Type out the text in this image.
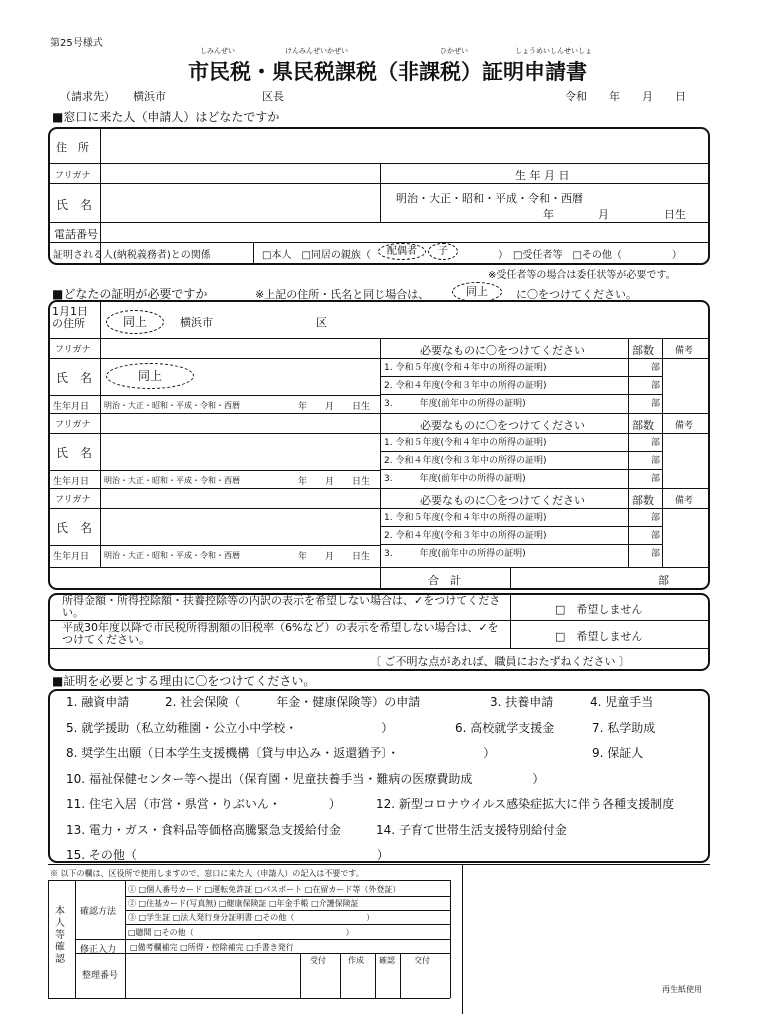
第25号様式
市民税・県民税課税（非課税）証明申請書
しみんぜい	けんみんぜいかぜい	ひかぜい	しょうめいしんせいしょ
（請求先） 横浜市	区長	令和　　年　　月　　日
■窓口に来た人（申請人）はどなたですか
住　所
フリガナ	生 年 月 日
氏　名	明治・大正・昭和・平成・令和・西暦
年　　　　月　　　　　日生
電話番号
証明される人(納税義務者)との関係	□本人　□同居の親族（	配偶者	子	）　□受任者等　□その他（　　　　　）
※受任者等の場合は委任状等が必要です。
■どなたの証明が必要ですか	※上記の住所・氏名と同じ場合は、	同上	に〇をつけてください。
1月1日の住所	同上	横浜市	区
フリガナ
氏　名	同上
生年月日 明治・大正・昭和・平成・令和・西暦	年　　月　　日生
必要なものに〇をつけてください	部数 備考
1. 令和５年度(令和４年中の所得の証明)	部
2. 令和４年度(令和３年中の所得の証明)	部
3.　　　年度(前年中の所得の証明)	部
フリガナ
氏　名
生年月日 明治・大正・昭和・平成・令和・西暦	年　　月　　日生
必要なものに〇をつけてください	部数 備考
1. 令和５年度(令和４年中の所得の証明)	部
2. 令和４年度(令和３年中の所得の証明)	部
3.　　　年度(前年中の所得の証明)	部
フリガナ
氏　名
生年月日 明治・大正・昭和・平成・令和・西暦	年　　月　　日生
必要なものに〇をつけてください	部数 備考
1. 令和５年度(令和４年中の所得の証明)	部
2. 令和４年度(令和３年中の所得の証明)	部
3.　　　年度(前年中の所得の証明)	部
合　計	部
所得金額・所得控除額・扶養控除等の内訳の表示を希望しない場合は、✓をつけてください。	□　希望しません
平成30年度以降で市民税所得割額の旧税率（6%など）の表示を希望しない場合は、✓をつけてください。	□　希望しません
〔 ご不明な点があれば、職員におたずねください 〕
■証明を必要とする理由に〇をつけてください。
1. 融資申請	2. 社会保険（　　　年金・健康保険等）の申請	3. 扶養申請	4. 児童手当
5. 就学援助（私立幼稚園・公立小中学校・　　　　　　　）	6. 高校就学支援金	7. 私学助成
8. 奨学生出願（日本学生支援機構〔貸与申込み・返還猶予〕・　　　　　　　）	9. 保証人
10. 福祉保健センター等へ提出（保育園・児童扶養手当・難病の医療費助成　　　　　）
11. 住宅入居（市営・県営・りぶいん・　　　　）	12. 新型コロナウイルス感染症拡大に伴う各種支援制度
13. 電力・ガス・食料品等価格高騰緊急支援給付金	14. 子育て世帯生活支援特別給付金
15. その他（　　　　　　　　　　　　　　　　　　　　）
※ 以下の欄は、区役所で使用しますので、窓口に来た人（申請人）の記入は不要です。
本人等確認
確認方法
① □個人番号カード □運転免許証 □パスポート □在留カード等（外登証）
② □住基カード(写真無) □健康保険証 □年金手帳 □介護保険証
③ □学生証 □法人発行身分証明書 □その他（　　　　　　　　　）
□聴聞 □その他（　　　　　　　　　　　　　　　　　　　）
修正入力 □備考欄補完 □所得・控除補完 □手書き発行
整理番号
受付	作成 確認 交付
再生紙使用
